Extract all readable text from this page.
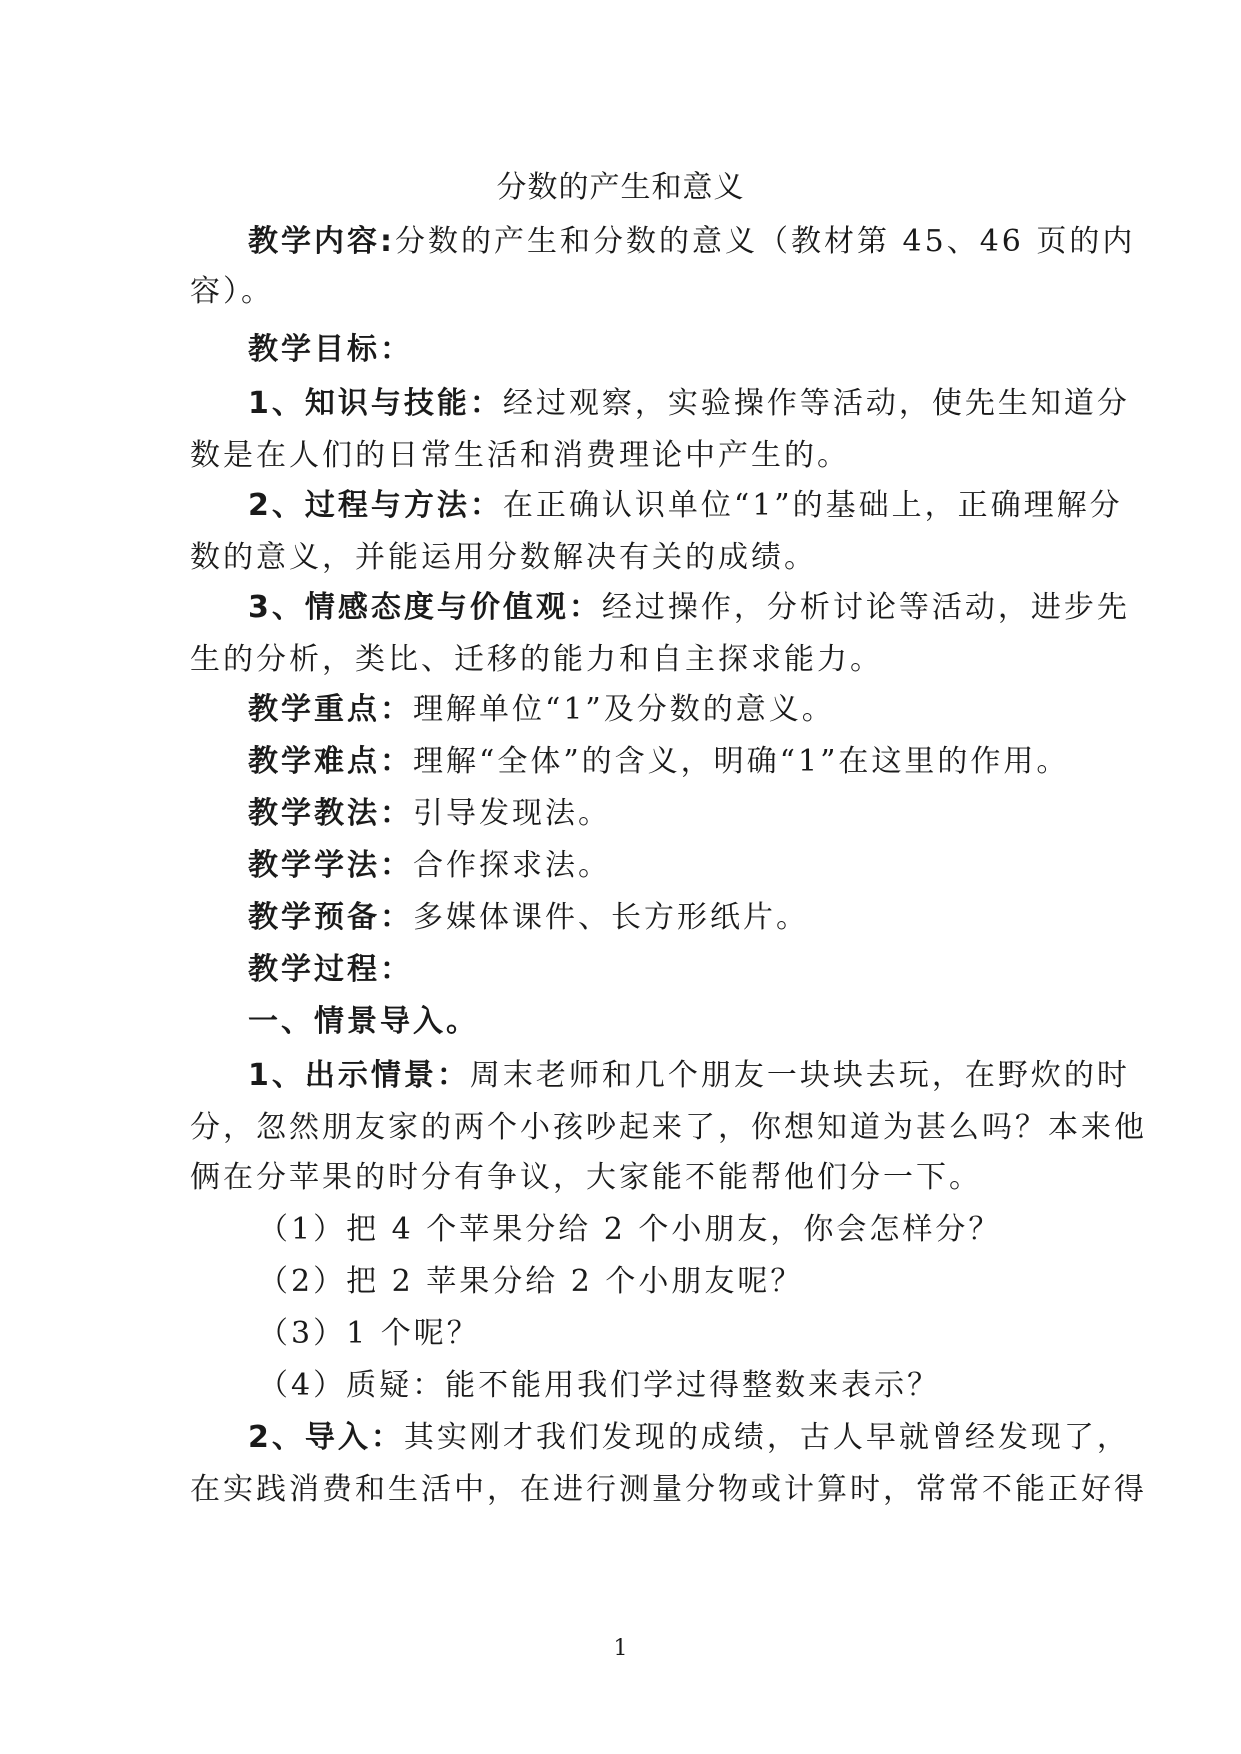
分数的产生和意义
教学内容:分数的产生和分数的意义（教材第 45、46 页的内
容）。
教学目标：
1、知识与技能：经过观察，实验操作等活动，使先生知道分
数是在人们的日常生活和消费理论中产生的。
2、过程与方法：在正确认识单位“1”的基础上，正确理解分
数的意义，并能运用分数解决有关的成绩。
3、情感态度与价值观：经过操作，分析讨论等活动，进步先
生的分析，类比、迁移的能力和自主探求能力。
教学重点：理解单位“1”及分数的意义。
教学难点：理解“全体”的含义，明确“1”在这里的作用。
教学教法：引导发现法。
教学学法：合作探求法。
教学预备：多媒体课件、长方形纸片。
教学过程：
一、情景导入。
1、出示情景：周末老师和几个朋友一块块去玩，在野炊的时
分，忽然朋友家的两个小孩吵起来了，你想知道为甚么吗？本来他
俩在分苹果的时分有争议，大家能不能帮他们分一下。
（1）把 4 个苹果分给 2 个小朋友，你会怎样分？
（2）把 2 苹果分给 2 个小朋友呢？
（3）1 个呢？
（4）质疑：能不能用我们学过得整数来表示？
2、导入：其实刚才我们发现的成绩，古人早就曾经发现了，
在实践消费和生活中，在进行测量分物或计算时，常常不能正好得
1
